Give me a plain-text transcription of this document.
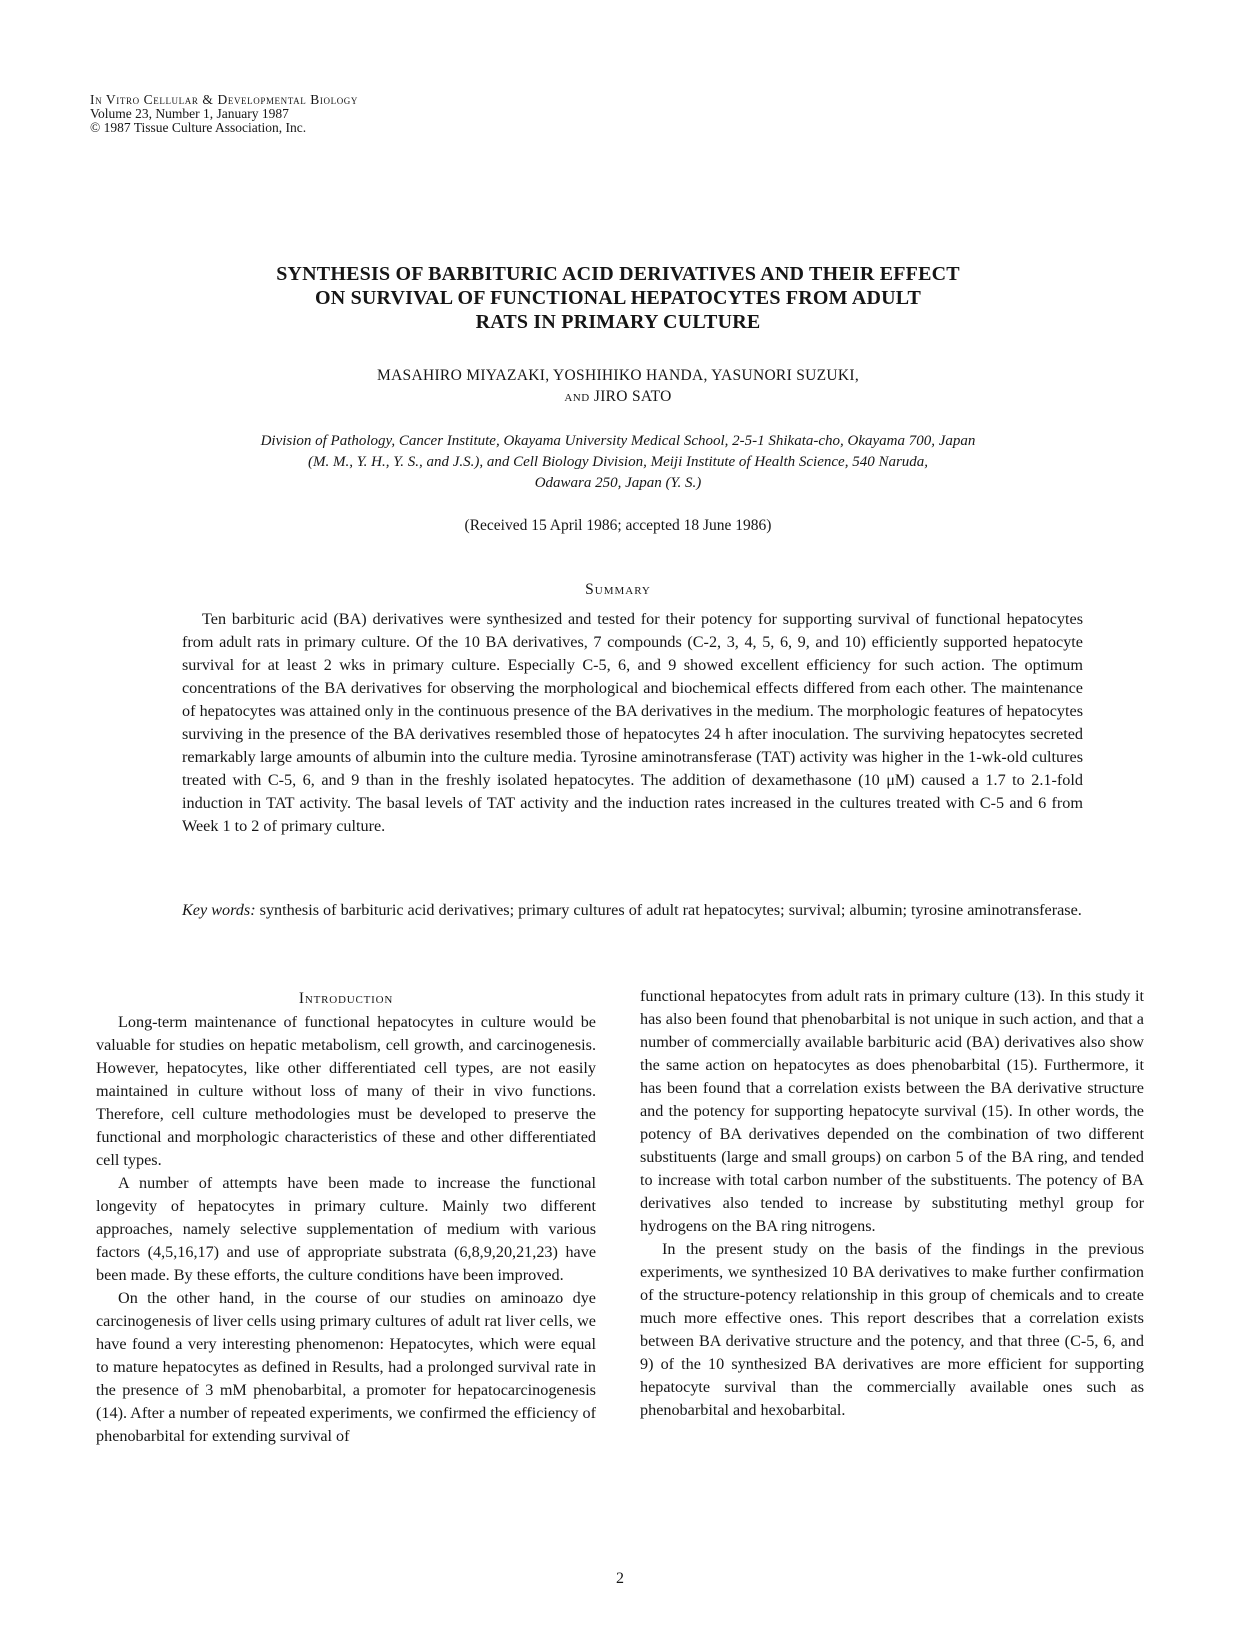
In Vitro Cellular & Developmental Biology
Volume 23, Number 1, January 1987
© 1987 Tissue Culture Association, Inc.
SYNTHESIS OF BARBITURIC ACID DERIVATIVES AND THEIR EFFECT
ON SURVIVAL OF FUNCTIONAL HEPATOCYTES FROM ADULT
RATS IN PRIMARY CULTURE
MASAHIRO MIYAZAKI, YOSHIHIKO HANDA, YASUNORI SUZUKI,
AND JIRO SATO
Division of Pathology, Cancer Institute, Okayama University Medical School, 2-5-1 Shikata-cho, Okayama 700, Japan
(M. M., Y. H., Y. S., and J.S.), and Cell Biology Division, Meiji Institute of Health Science, 540 Naruda,
Odawara 250, Japan (Y. S.)
(Received 15 April 1986; accepted 18 June 1986)
Summary

Ten barbituric acid (BA) derivatives were synthesized and tested for their potency for supporting survival of functional hepatocytes from adult rats in primary culture. Of the 10 BA derivatives, 7 compounds (C-2, 3, 4, 5, 6, 9, and 10) efficiently supported hepatocyte survival for at least 2 wks in primary culture. Especially C-5, 6, and 9 showed excellent efficiency for such action. The optimum concentrations of the BA derivatives for observing the morphological and biochemical effects differed from each other. The maintenance of hepatocytes was attained only in the continuous presence of the BA derivatives in the medium. The morphologic features of hepatocytes surviving in the presence of the BA derivatives resembled those of hepatocytes 24 h after inoculation. The surviving hepatocytes secreted remarkably large amounts of albumin into the culture media. Tyrosine aminotransferase (TAT) activity was higher in the 1-wk-old cultures treated with C-5, 6, and 9 than in the freshly isolated hepatocytes. The addition of dexamethasone (10 μM) caused a 1.7 to 2.1-fold induction in TAT activity. The basal levels of TAT activity and the induction rates increased in the cultures treated with C-5 and 6 from Week 1 to 2 of primary culture.

Key words: synthesis of barbituric acid derivatives; primary cultures of adult rat hepatocytes; survival; albumin; tyrosine aminotransferase.

Introduction

Long-term maintenance of functional hepatocytes in culture would be valuable for studies on hepatic metabolism, cell growth, and carcinogenesis. However, hepatocytes, like other differentiated cell types, are not easily maintained in culture without loss of many of their in vivo functions. Therefore, cell culture methodologies must be developed to preserve the functional and morphologic characteristics of these and other differentiated cell types.

A number of attempts have been made to increase the functional longevity of hepatocytes in primary culture. Mainly two different approaches, namely selective supplementation of medium with various factors (4,5,16,17) and use of appropriate substrata (6,8,9,20,21,23) have been made. By these efforts, the culture conditions have been improved.

On the other hand, in the course of our studies on aminoazo dye carcinogenesis of liver cells using primary cultures of adult rat liver cells, we have found a very interesting phenomenon: Hepatocytes, which were equal to mature hepatocytes as defined in Results, had a prolonged survival rate in the presence of 3 mM phenobarbital, a promoter for hepatocarcinogenesis (14). After a number of repeated experiments, we confirmed the efficiency of phenobarbital for extending survival of

functional hepatocytes from adult rats in primary culture (13). In this study it has also been found that phenobarbital is not unique in such action, and that a number of commercially available barbituric acid (BA) derivatives also show the same action on hepatocytes as does phenobarbital (15). Furthermore, it has been found that a correlation exists between the BA derivative structure and the potency for supporting hepatocyte survival (15). In other words, the potency of BA derivatives depended on the combination of two different substituents (large and small groups) on carbon 5 of the BA ring, and tended to increase with total carbon number of the substituents. The potency of BA derivatives also tended to increase by substituting methyl group for hydrogens on the BA ring nitrogens.

In the present study on the basis of the findings in the previous experiments, we synthesized 10 BA derivatives to make further confirmation of the structure-potency relationship in this group of chemicals and to create much more effective ones. This report describes that a correlation exists between BA derivative structure and the potency, and that three (C-5, 6, and 9) of the 10 synthesized BA derivatives are more efficient for supporting hepatocyte survival than the commercially available ones such as phenobarbital and hexobarbital.

2
